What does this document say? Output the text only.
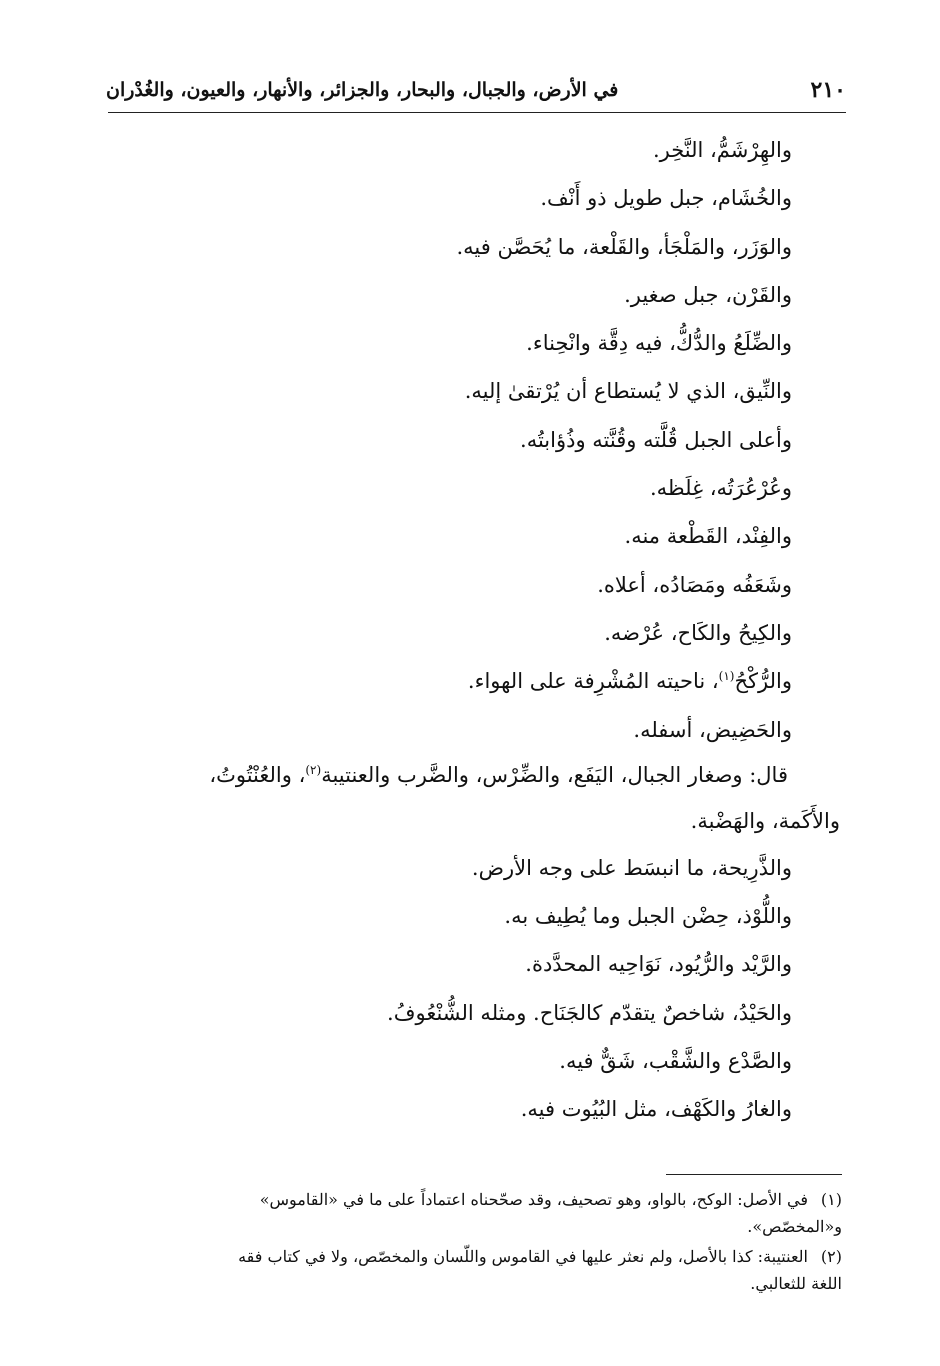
٢١٠
في الأرض، والجبال، والبحار، والجزائر، والأنهار، والعيون، والغُدْران
والهِرْشَمُّ، النَّخِر.
والخُشَام، جبل طويل ذو أَنْف.
والوَزَر، والمَلْجَأ، والقَلْعة، ما يُحَصَّن فيه.
والقَرْن، جبل صغير.
والضِّلَعُ والدُّكُّ، فيه دِقَّة وانْحِناء.
والنِّيق، الذي لا يُستطاع أن يُرْتقىٰ إليه.
وأعلى الجبل قُلَّته وقُنَّته وذُؤابتُه.
وعُرْعُرَتُه، غِلَظه.
والفِنْد، القَطْعة منه.
وشَعَفُه ومَصَادُه، أعلاه.
والكِيحُ والكَاح، عُرْضه.
والرُّكْحُ$^{(١)}$، ناحيته المُشْرِفة على الهواء.
والحَضِيض، أسفله.
قال: وصغار الجبال، اليَفَع، والضِّرْس، والضَّرب والعنتيبة$^{(٢)}$، والعُنْتُوتُ،
والأَكَمة، والهَضْبة.
والذَّرِيحة، ما انبسَط على وجه الأرض.
واللُّوْذ، حِضْن الجبل وما يُطِيف به.
والرَّيْد والرُّيُود، نَوَاحِيه المحدَّدة.
والحَيْدُ، شاخصٌ يتقدّم كالجَنَاح. ومثله الشُّنْعُوفُ.
والصَّدْع والشَّقْب، شَقٌّ فيه.
والغارُ والكَهْف، مثل البُيُوت فيه.
(١)في الأصل: الوكح، بالواو، وهو تصحيف، وقد صحّحناه اعتماداً على ما في «القاموس»
و«المخصّص».
(٢)العنتيبة: كذا بالأصل، ولم نعثر عليها في القاموس واللّسان والمخصّص، ولا في كتاب فقه
اللغة للثعالبي.
